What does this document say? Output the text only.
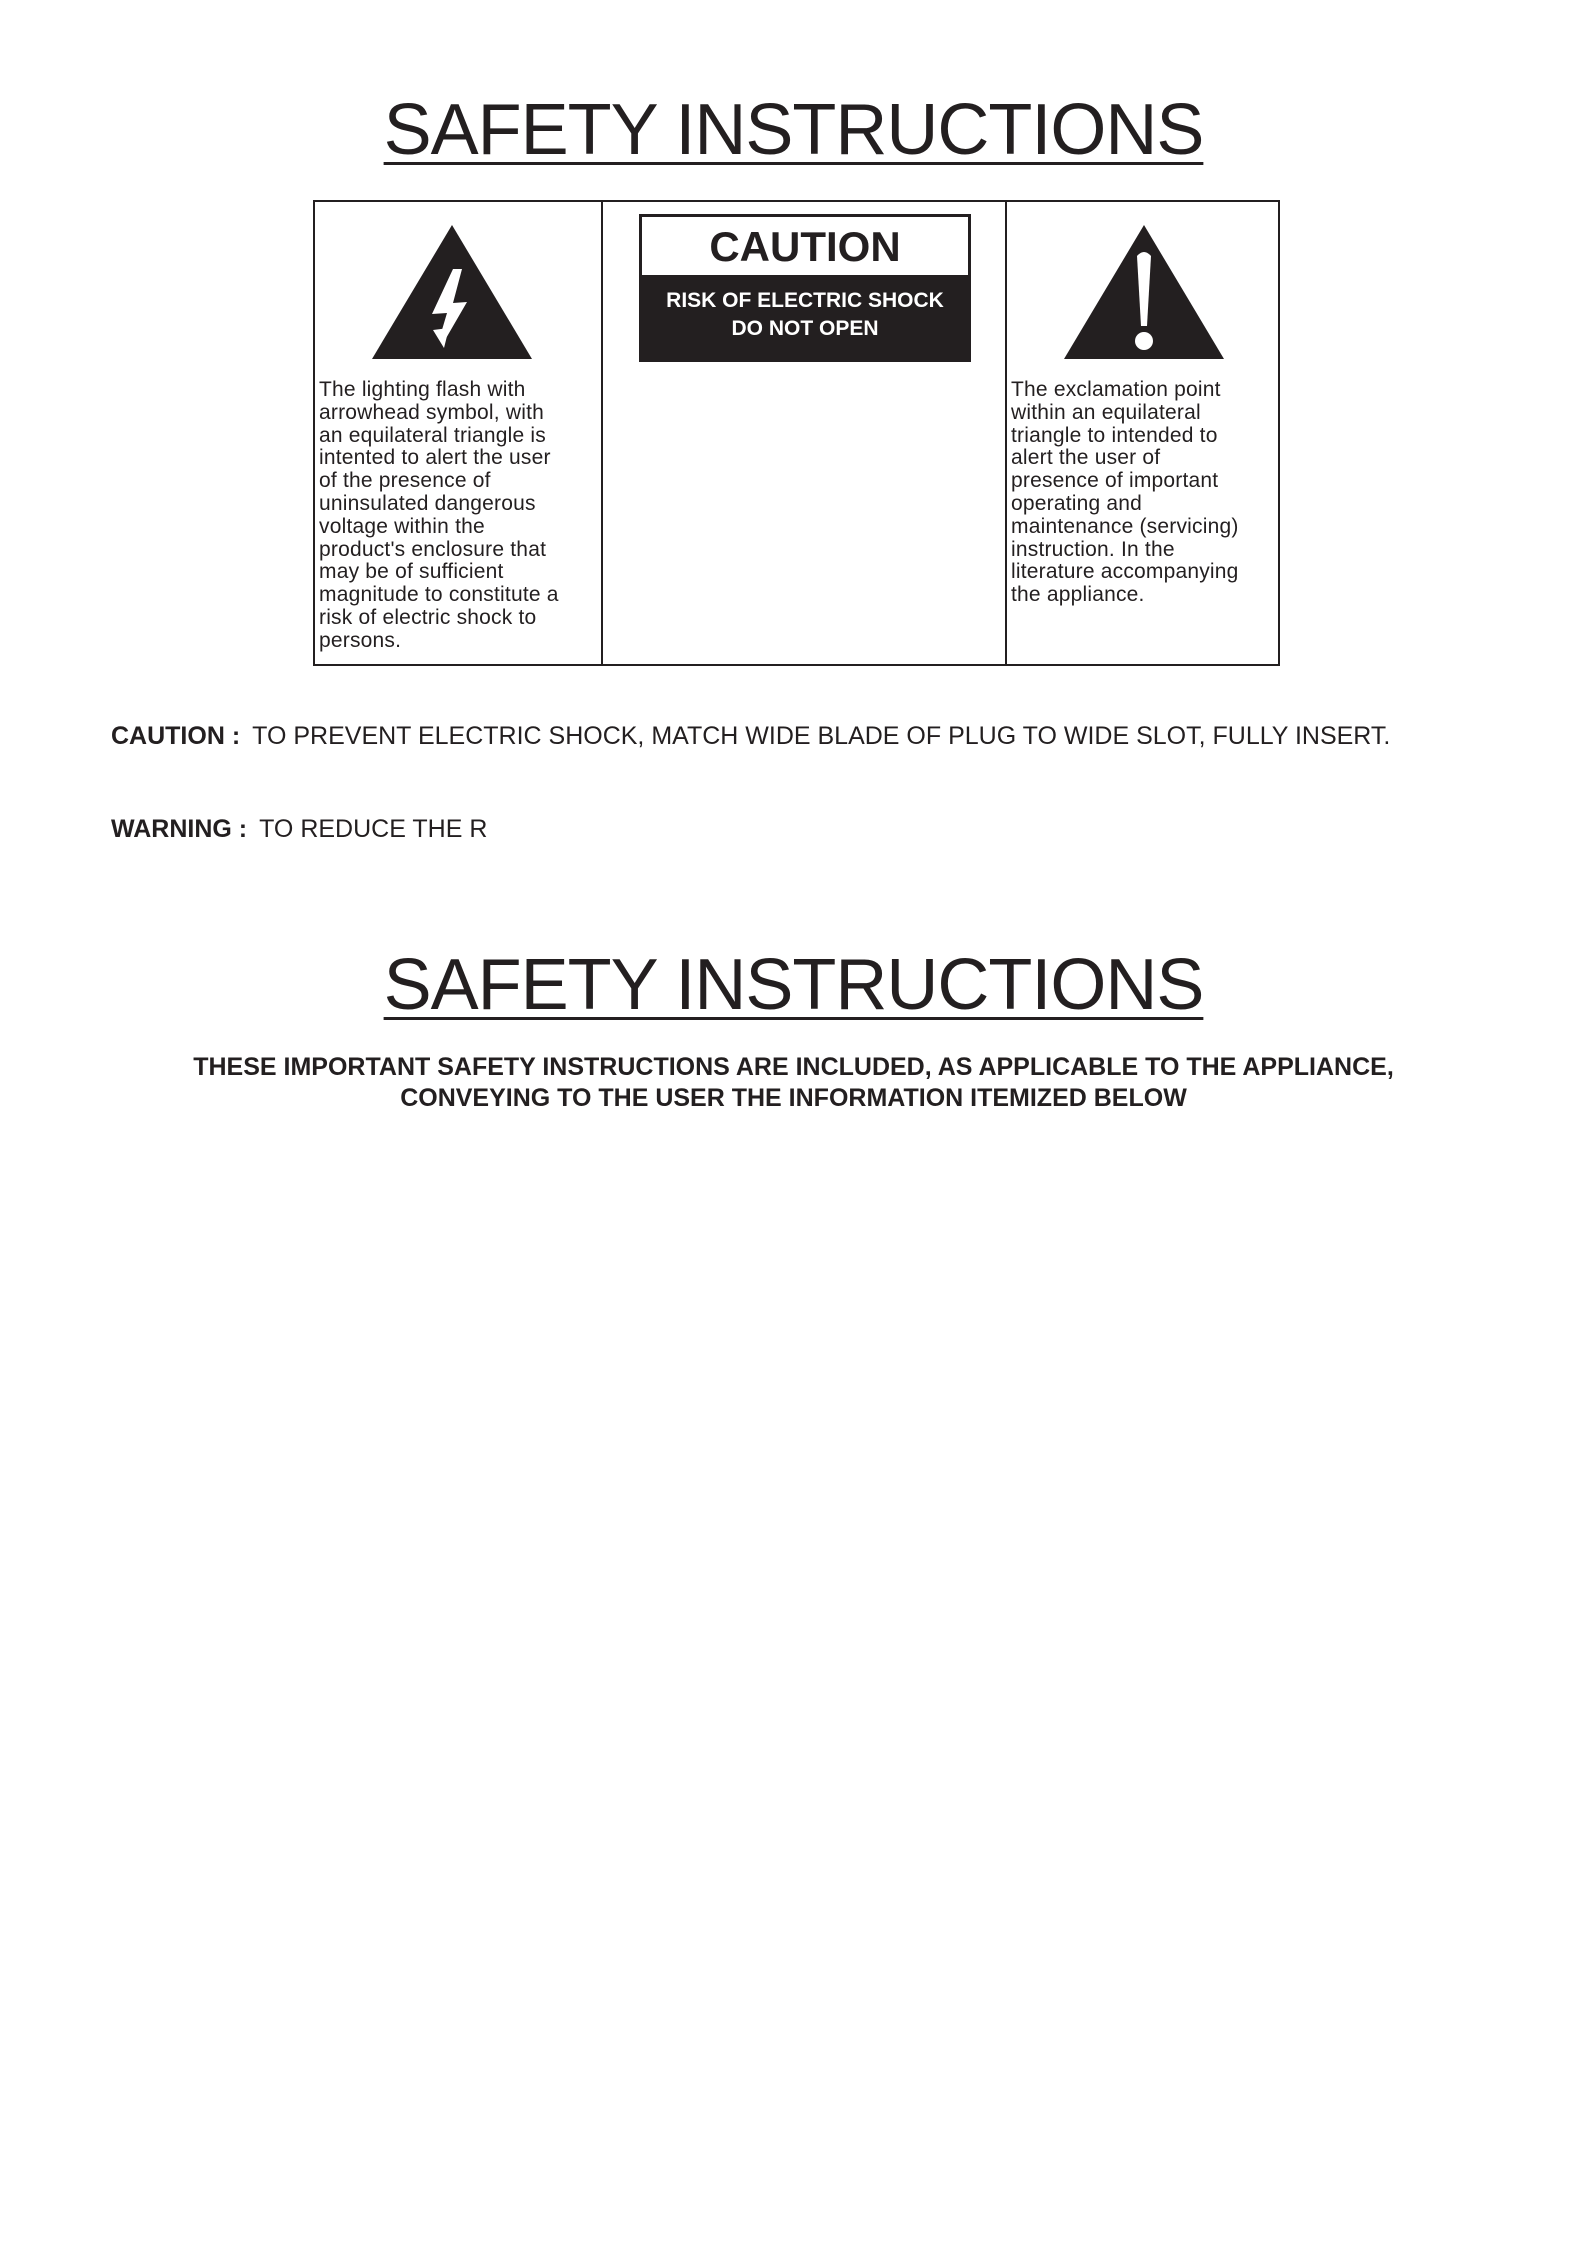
SAFETY INSTRUCTIONS
The lighting flash with
arrowhead symbol, with
an equilateral triangle is
intented to alert the user
of the presence of
uninsulated dangerous
voltage within the
product's enclosure that
may be of sufficient
magnitude to constitute a
risk of electric shock to
persons.
CAUTION
RISK OF ELECTRIC SHOCK
DO NOT OPEN
The exclamation point
within an equilateral
triangle to intended to
alert the user of
presence of important
operating and
maintenance (servicing)
instruction. In the
literature accompanying
the appliance.
CAUTION : TO PREVENT ELECTRIC SHOCK, MATCH WIDE BLADE OF PLUG TO WIDE SLOT, FULLY INSERT.
WARNING : TO REDUCE THE R
SAFETY INSTRUCTIONS
THESE IMPORTANT SAFETY INSTRUCTIONS ARE INCLUDED, AS APPLICABLE TO THE APPLIANCE,
CONVEYING TO THE USER THE INFORMATION ITEMIZED BELOW
